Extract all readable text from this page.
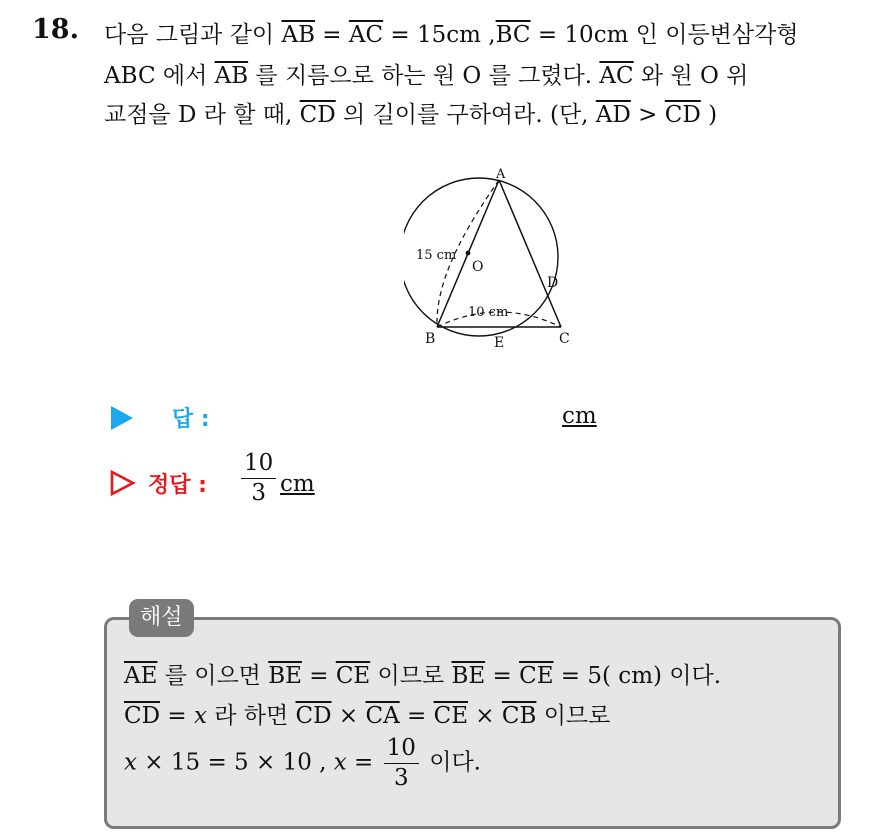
18. 다음 그림과 같이 $\overline{AB} = \overline{AC} = 15cm$ $,\overline{BC} = 10cm$ 인 이등변삼각형
ABC 에서 $\overline{AB}$ 를 지름으로 하는 원 O 를 그렸다. $\overline{AC}$ 와 원 O 위
교점을 D 라 할 때, $\overline{CD}$ 의 길이를 구하여라. (단, $\overline{AD} > \overline{CD}$ )
A
O
D
B	E	C
15 cm
10 cm
답 :	cm
정답 : $\frac{10}{3}$ cm
해설
$\overline{AE}$ 를 이으면 $\overline{BE} = \overline{CE}$ 이므로 $\overline{BE} = \overline{CE} = 5$( cm) 이다.
$\overline{CD} = x$ 라 하면 $\overline{CD} \times \overline{CA} = \overline{CE} \times \overline{CB}$ 이므로
x × 15 = 5 × 10 , $x = \frac{10}{3}$ 이다.
